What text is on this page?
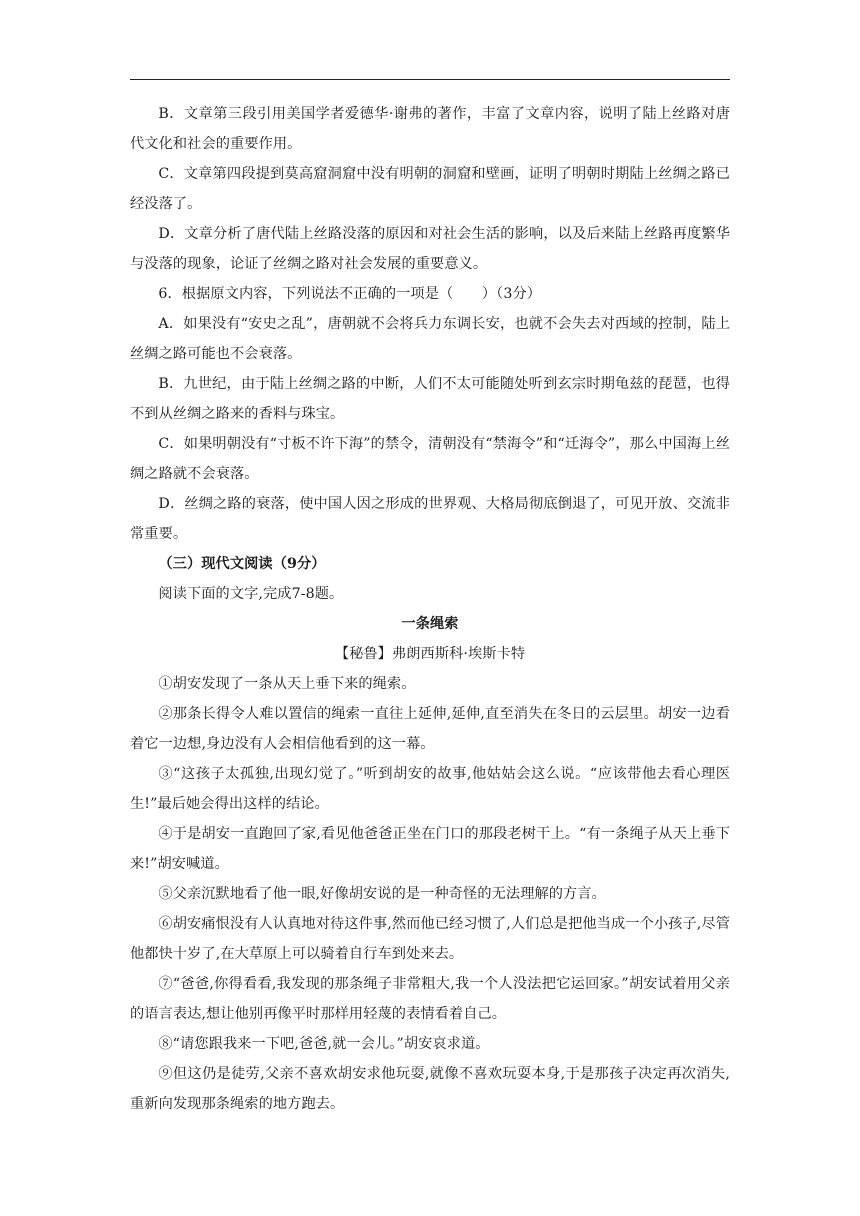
B．文章第三段引用美国学者爱德华·谢弗的著作，丰富了文章内容，说明了陆上丝路对唐代文化和社会的重要作用。

C．文章第四段提到莫高窟洞窟中没有明朝的洞窟和壁画，证明了明朝时期陆上丝绸之路已经没落了。

D．文章分析了唐代陆上丝路没落的原因和对社会生活的影响，以及后来陆上丝路再度繁华与没落的现象，论证了丝绸之路对社会发展的重要意义。

6．根据原文内容，下列说法不正确的一项是（　　）（3分）

A．如果没有“安史之乱”，唐朝就不会将兵力东调长安，也就不会失去对西域的控制，陆上丝绸之路可能也不会衰落。

B．九世纪，由于陆上丝绸之路的中断，人们不太可能随处听到玄宗时期龟兹的琵琶，也得不到从丝绸之路来的香料与珠宝。

C．如果明朝没有“寸板不许下海”的禁令，清朝没有“禁海令”和“迁海令”，那么中国海上丝绸之路就不会衰落。

D．丝绸之路的衰落，使中国人因之形成的世界观、大格局彻底倒退了，可见开放、交流非常重要。

（三）现代文阅读（9分）

阅读下面的文字,完成7-8题。

一条绳索

【秘鲁】弗朗西斯科·埃斯卡特

①胡安发现了一条从天上垂下来的绳索。

②那条长得令人难以置信的绳索一直往上延伸,延伸,直至消失在冬日的云层里。胡安一边看着它一边想,身边没有人会相信他看到的这一幕。

③“这孩子太孤独,出现幻觉了。”听到胡安的故事,他姑姑会这么说。“应该带他去看心理医生!”最后她会得出这样的结论。

④于是胡安一直跑回了家,看见他爸爸正坐在门口的那段老树干上。“有一条绳子从天上垂下来!”胡安喊道。

⑤父亲沉默地看了他一眼,好像胡安说的是一种奇怪的无法理解的方言。

⑥胡安痛恨没有人认真地对待这件事,然而他已经习惯了,人们总是把他当成一个小孩子,尽管他都快十岁了,在大草原上可以骑着自行车到处来去。

⑦“爸爸,你得看看,我发现的那条绳子非常粗大,我一个人没法把它运回家。”胡安试着用父亲的语言表达,想让他别再像平时那样用轻蔑的表情看着自己。

⑧“请您跟我来一下吧,爸爸,就一会儿。”胡安哀求道。

⑨但这仍是徒劳,父亲不喜欢胡安求他玩耍,就像不喜欢玩耍本身,于是那孩子决定再次消失,重新向发现那条绳索的地方跑去。
